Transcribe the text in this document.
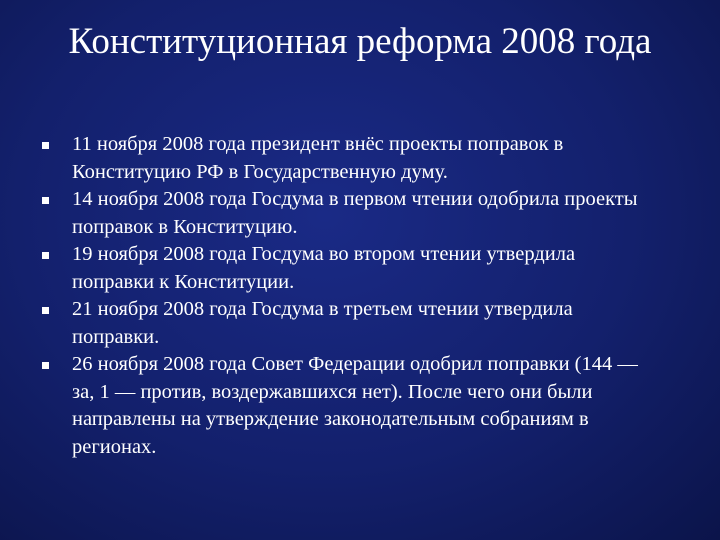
Конституционная реформа 2008 года
11 ноября 2008 года президент внёс проекты поправок в Конституцию РФ в Государственную думу.
14 ноября 2008 года Госдума в первом чтении одобрила проекты поправок в Конституцию.
19 ноября 2008 года Госдума во втором чтении утвердила поправки к Конституции.
21 ноября 2008 года Госдума в третьем чтении утвердила поправки.
26 ноября 2008 года Совет Федерации одобрил поправки (144 — за, 1 — против, воздержавшихся нет). После чего они были направлены на утверждение законодательным собраниям в регионах.
